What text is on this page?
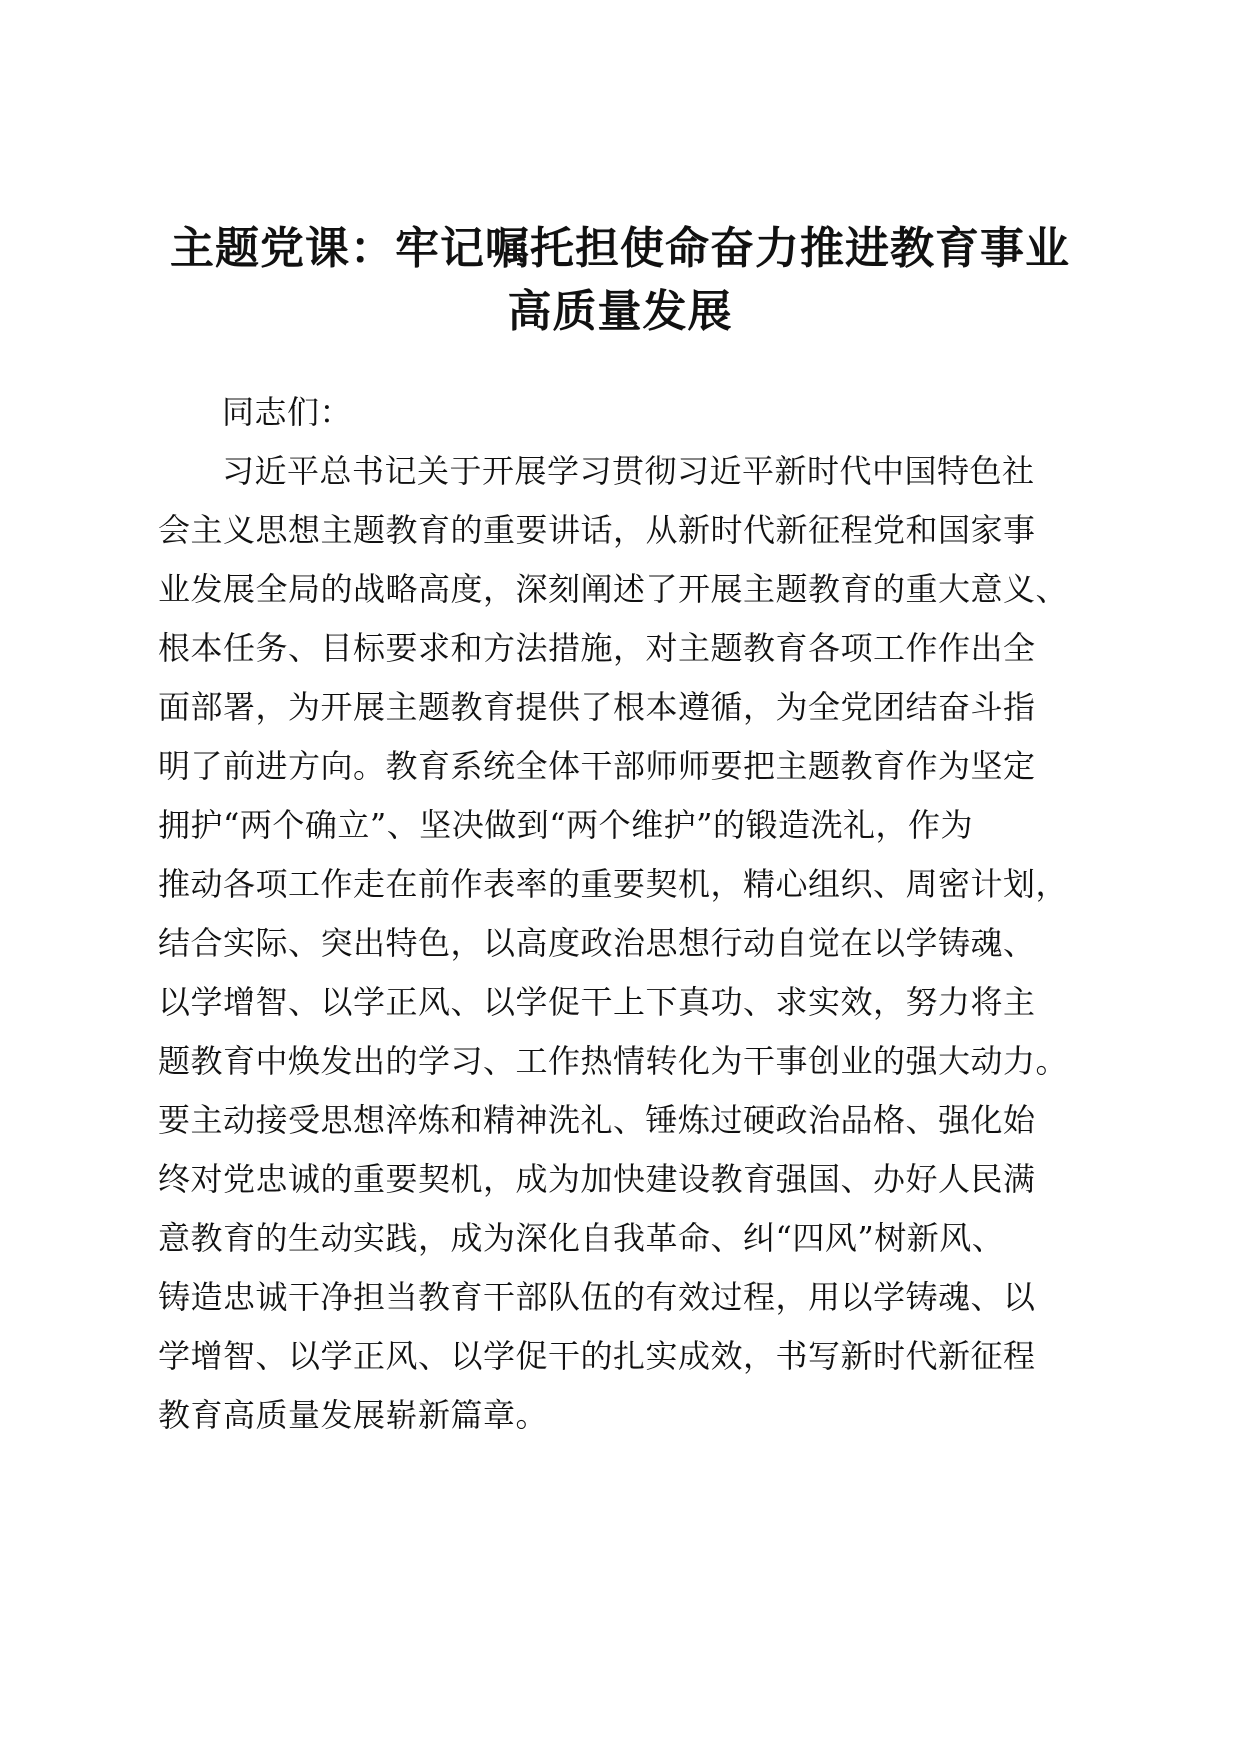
主题党课：牢记嘱托担使命奋力推进教育事业
高质量发展
同志们：
习近平总书记关于开展学习贯彻习近平新时代中国特色社
会主义思想主题教育的重要讲话，从新时代新征程党和国家事
业发展全局的战略高度，深刻阐述了开展主题教育的重大意义、
根本任务、目标要求和方法措施，对主题教育各项工作作出全
面部署，为开展主题教育提供了根本遵循，为全党团结奋斗指
明了前进方向。教育系统全体干部师师要把主题教育作为坚定
拥护“两个确立”、坚决做到“两个维护”的锻造洗礼，作为
推动各项工作走在前作表率的重要契机，精心组织、周密计划，
结合实际、突出特色，以高度政治思想行动自觉在以学铸魂、
以学增智、以学正风、以学促干上下真功、求实效，努力将主
题教育中焕发出的学习、工作热情转化为干事创业的强大动力。
要主动接受思想淬炼和精神洗礼、锤炼过硬政治品格、强化始
终对党忠诚的重要契机，成为加快建设教育强国、办好人民满
意教育的生动实践，成为深化自我革命、纠“四风”树新风、
铸造忠诚干净担当教育干部队伍的有效过程，用以学铸魂、以
学增智、以学正风、以学促干的扎实成效，书写新时代新征程
教育高质量发展崭新篇章。
